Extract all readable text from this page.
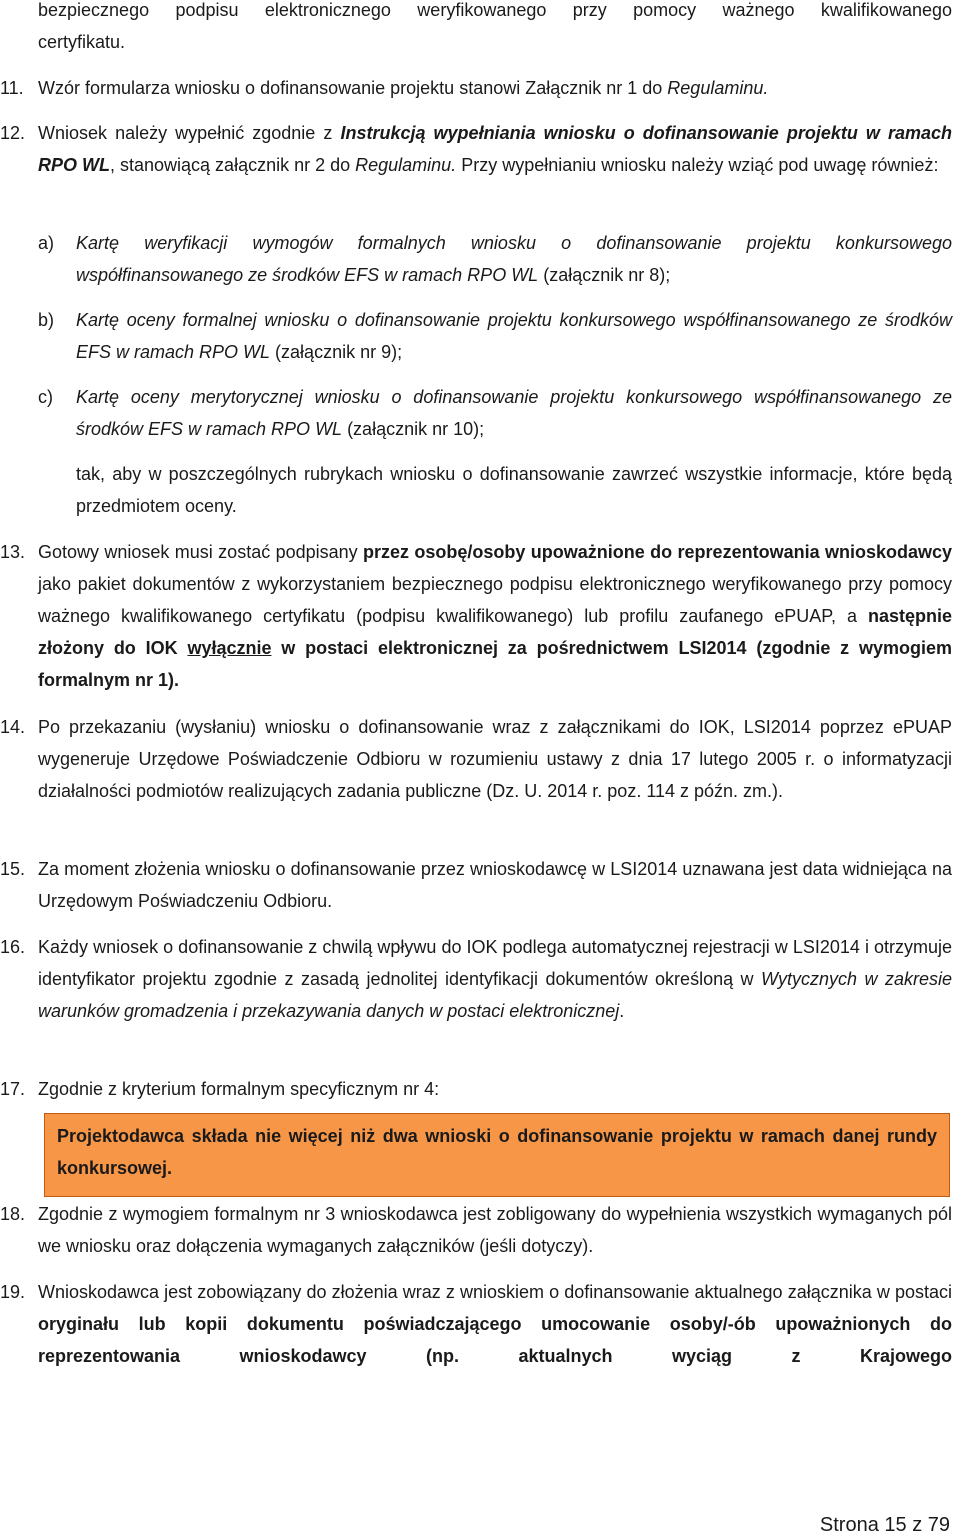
bezpiecznego podpisu elektronicznego weryfikowanego przy pomocy ważnego kwalifikowanego
certyfikatu.
11. Wzór formularza wniosku o dofinansowanie projektu stanowi Załącznik nr 1 do Regulaminu.
12. Wniosek należy wypełnić zgodnie z Instrukcją wypełniania wniosku o dofinansowanie projektu w ramach RPO WL, stanowiącą załącznik nr 2 do Regulaminu. Przy wypełnianiu wniosku należy wziąć pod uwagę również:
a)	Kartę weryfikacji wymogów formalnych wniosku o dofinansowanie projektu konkursowego współfinansowanego ze środków EFS w ramach RPO WL (załącznik nr 8);
b)	Kartę oceny formalnej wniosku o dofinansowanie projektu konkursowego współfinansowanego ze środków EFS w ramach RPO WL (załącznik nr 9);
c)	Kartę oceny merytorycznej wniosku o dofinansowanie projektu konkursowego współfinansowanego ze środków EFS w ramach RPO WL (załącznik nr 10);
tak, aby w poszczególnych rubrykach wniosku o dofinansowanie zawrzeć wszystkie informacje, które będą przedmiotem oceny.
13. Gotowy wniosek musi zostać podpisany przez osobę/osoby upoważnione do reprezentowania wnioskodawcy jako pakiet dokumentów z wykorzystaniem bezpiecznego podpisu elektronicznego weryfikowanego przy pomocy ważnego kwalifikowanego certyfikatu (podpisu kwalifikowanego) lub profilu zaufanego ePUAP, a następnie złożony do IOK wyłącznie w postaci elektronicznej za pośrednictwem LSI2014 (zgodnie z wymogiem formalnym nr 1).
14. Po przekazaniu (wysłaniu) wniosku o dofinansowanie wraz z załącznikami do IOK, LSI2014 poprzez ePUAP wygeneruje Urzędowe Poświadczenie Odbioru w rozumieniu ustawy z dnia 17 lutego 2005 r. o informatyzacji działalności podmiotów realizujących zadania publiczne (Dz. U. 2014 r. poz. 114 z późn. zm.).
15. Za moment złożenia wniosku o dofinansowanie przez wnioskodawcę w LSI2014 uznawana jest data widniejąca na Urzędowym Poświadczeniu Odbioru.
16. Każdy wniosek o dofinansowanie z chwilą wpływu do IOK podlega automatycznej rejestracji w LSI2014 i otrzymuje identyfikator projektu zgodnie z zasadą jednolitej identyfikacji dokumentów określoną w Wytycznych w zakresie warunków gromadzenia i przekazywania danych w postaci elektronicznej.
17. Zgodnie z kryterium formalnym specyficznym nr 4:
Projektodawca składa nie więcej niż dwa wnioski o dofinansowanie projektu w ramach danej rundy konkursowej.
18. Zgodnie z wymogiem formalnym nr 3 wnioskodawca jest zobligowany do wypełnienia wszystkich wymaganych pól we wniosku oraz dołączenia wymaganych załączników (jeśli dotyczy).
19. Wnioskodawca jest zobowiązany do złożenia wraz z wnioskiem o dofinansowanie aktualnego załącznika w postaci oryginału lub kopii dokumentu poświadczającego umocowanie osoby/-ób upoważnionych do reprezentowania wnioskodawcy (np. aktualnych wyciąg z Krajowego
Strona 15 z 79
